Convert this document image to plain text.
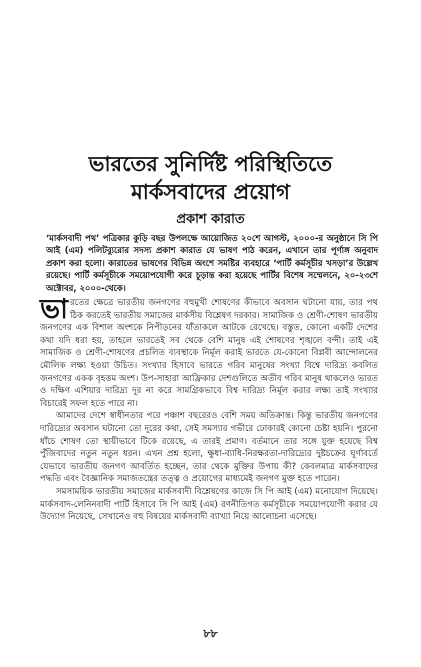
ভারতের সুনির্দিষ্ট পরিস্থিতিতে
মার্কসবাদের প্রয়োগ
প্রকাশ কারাত

‘মার্কসবাদী পথ’ পত্রিকার কুড়ি বছর উপলক্ষে আয়োজিত ২০শে আগস্ট, ২০০০-র অনুষ্ঠানে সি পি আই (এম) পলিটব্যুরোর সদস্য প্রকাশ কারাত যে ভাষণ পাঠ করেন, এখানে তার পূর্ণাঙ্গ অনুবাদ প্রকাশ করা হলো। কারাতের ভাষণের বিভিন্ন অংশে সমষ্টির ব্যবহারে ‘পার্টি কর্মসূচীর খসড়া’র উল্লেখ রয়েছে। পার্টি কর্মসূচীকে সময়োপযোগী করে চূড়ান্ত করা হয়েছে পার্টির বিশেষ সম্মেলনে, ২০-২৩শে অক্টোবর, ২০০০-থেকে।

ভারতের ক্ষেত্রে ভারতীয় জনগণের বহুমুখী শোষণের কীভাবে অবসান ঘটানো যায়, তার পথ ঠিক করতেই ভারতীয় সমাজের মার্কসীয় বিশ্লেষণ দরকার। সামাজিক ও শ্রেণী-শোষণ ভারতীয় জনগণের এক বিশাল অংশকে নিপীড়নের যাঁতাকলে আটকে রেখেছে। বস্তুত, কোনো একটি দেশের কথা যদি ধরা হয়, তাহলে ভারতেই সব থেকে বেশি মানুষ এই শোষণের শৃঙ্খলে বন্দী। তাই এই সামাজিক ও শ্রেণী-শোষণের প্রচলিত ব্যবস্থাকে নির্মূল করাই ভারতে যে-কোনো বিপ্লবী আন্দোলনের মৌলিক লক্ষ্য হওয়া উচিত। সংখ্যার হিসাবে ভারতে গরিব মানুষের সংখ্যা বিশ্বে দারিদ্র্য কবলিত জনগণের একক বৃহত্তম অংশ। উপ-সাহারা আফ্রিকার দেশগুলিতে অতীব গরিব মানুষ থাকলেও ভারত ও দক্ষিণ এশিয়ার দারিদ্র্য দূর না করে সামগ্রিকভাবে বিশ্ব দারিদ্র্য নির্মূল করার লক্ষ্য তাই সংখ্যার বিচারেই সফল হতে পারে না।

আমাদের দেশে স্বাধীনতার পরে পঞ্চাশ বছরেরও বেশি সময় অতিক্রান্ত। কিন্তু ভারতীয় জনগণের দারিদ্র্যের অবসান ঘটানো তো দূরের কথা, সেই সমস্যার গভীরে ঢোকারই কোনো চেষ্টা হয়নি। পুরনো ধাঁচে শোষণ তো স্থায়ীভাবে টিকে রয়েছে, এ তারই প্রমাণ। বর্তমানে তার সঙ্গে যুক্ত হয়েছে বিশ্ব পুঁজিবাদের নতুন নতুন ধরন। এখন প্রশ্ন হলো, ক্ষুধা-ব্যাধি-নিরক্ষরতা-দারিদ্র্যের দুষ্টচক্রের ঘূর্ণাবর্তে যেভাবে ভারতীয় জনগণ আবর্তিত হচ্ছেন, তার থেকে মুক্তির উপায় কী? কেবলমাত্র মার্কসবাদের পদ্ধতি এবং বৈজ্ঞানিক সমাজতন্ত্রের তত্ত্ব ও প্রয়োগের মাধ্যমেই জনগণ মুক্ত হতে পারেন।

সমসাময়িক ভারতীয় সমাজের মার্কসবাদী বিশ্লেষণের কাজে সি পি আই (এম) মনোযোগ দিয়েছে। মার্কসবাদ-লেনিনবাদী পার্টি হিসাবে সি পি আই (এম) রণনীতিগত কর্মসূচীকে সময়োপযোগী করার যে উদ্যোগ নিয়েছে, সেখানেও বহু বিষয়ের মার্কসবাদী ব্যাখ্যা নিয়ে আলোচনা এসেছে।

৮৮
